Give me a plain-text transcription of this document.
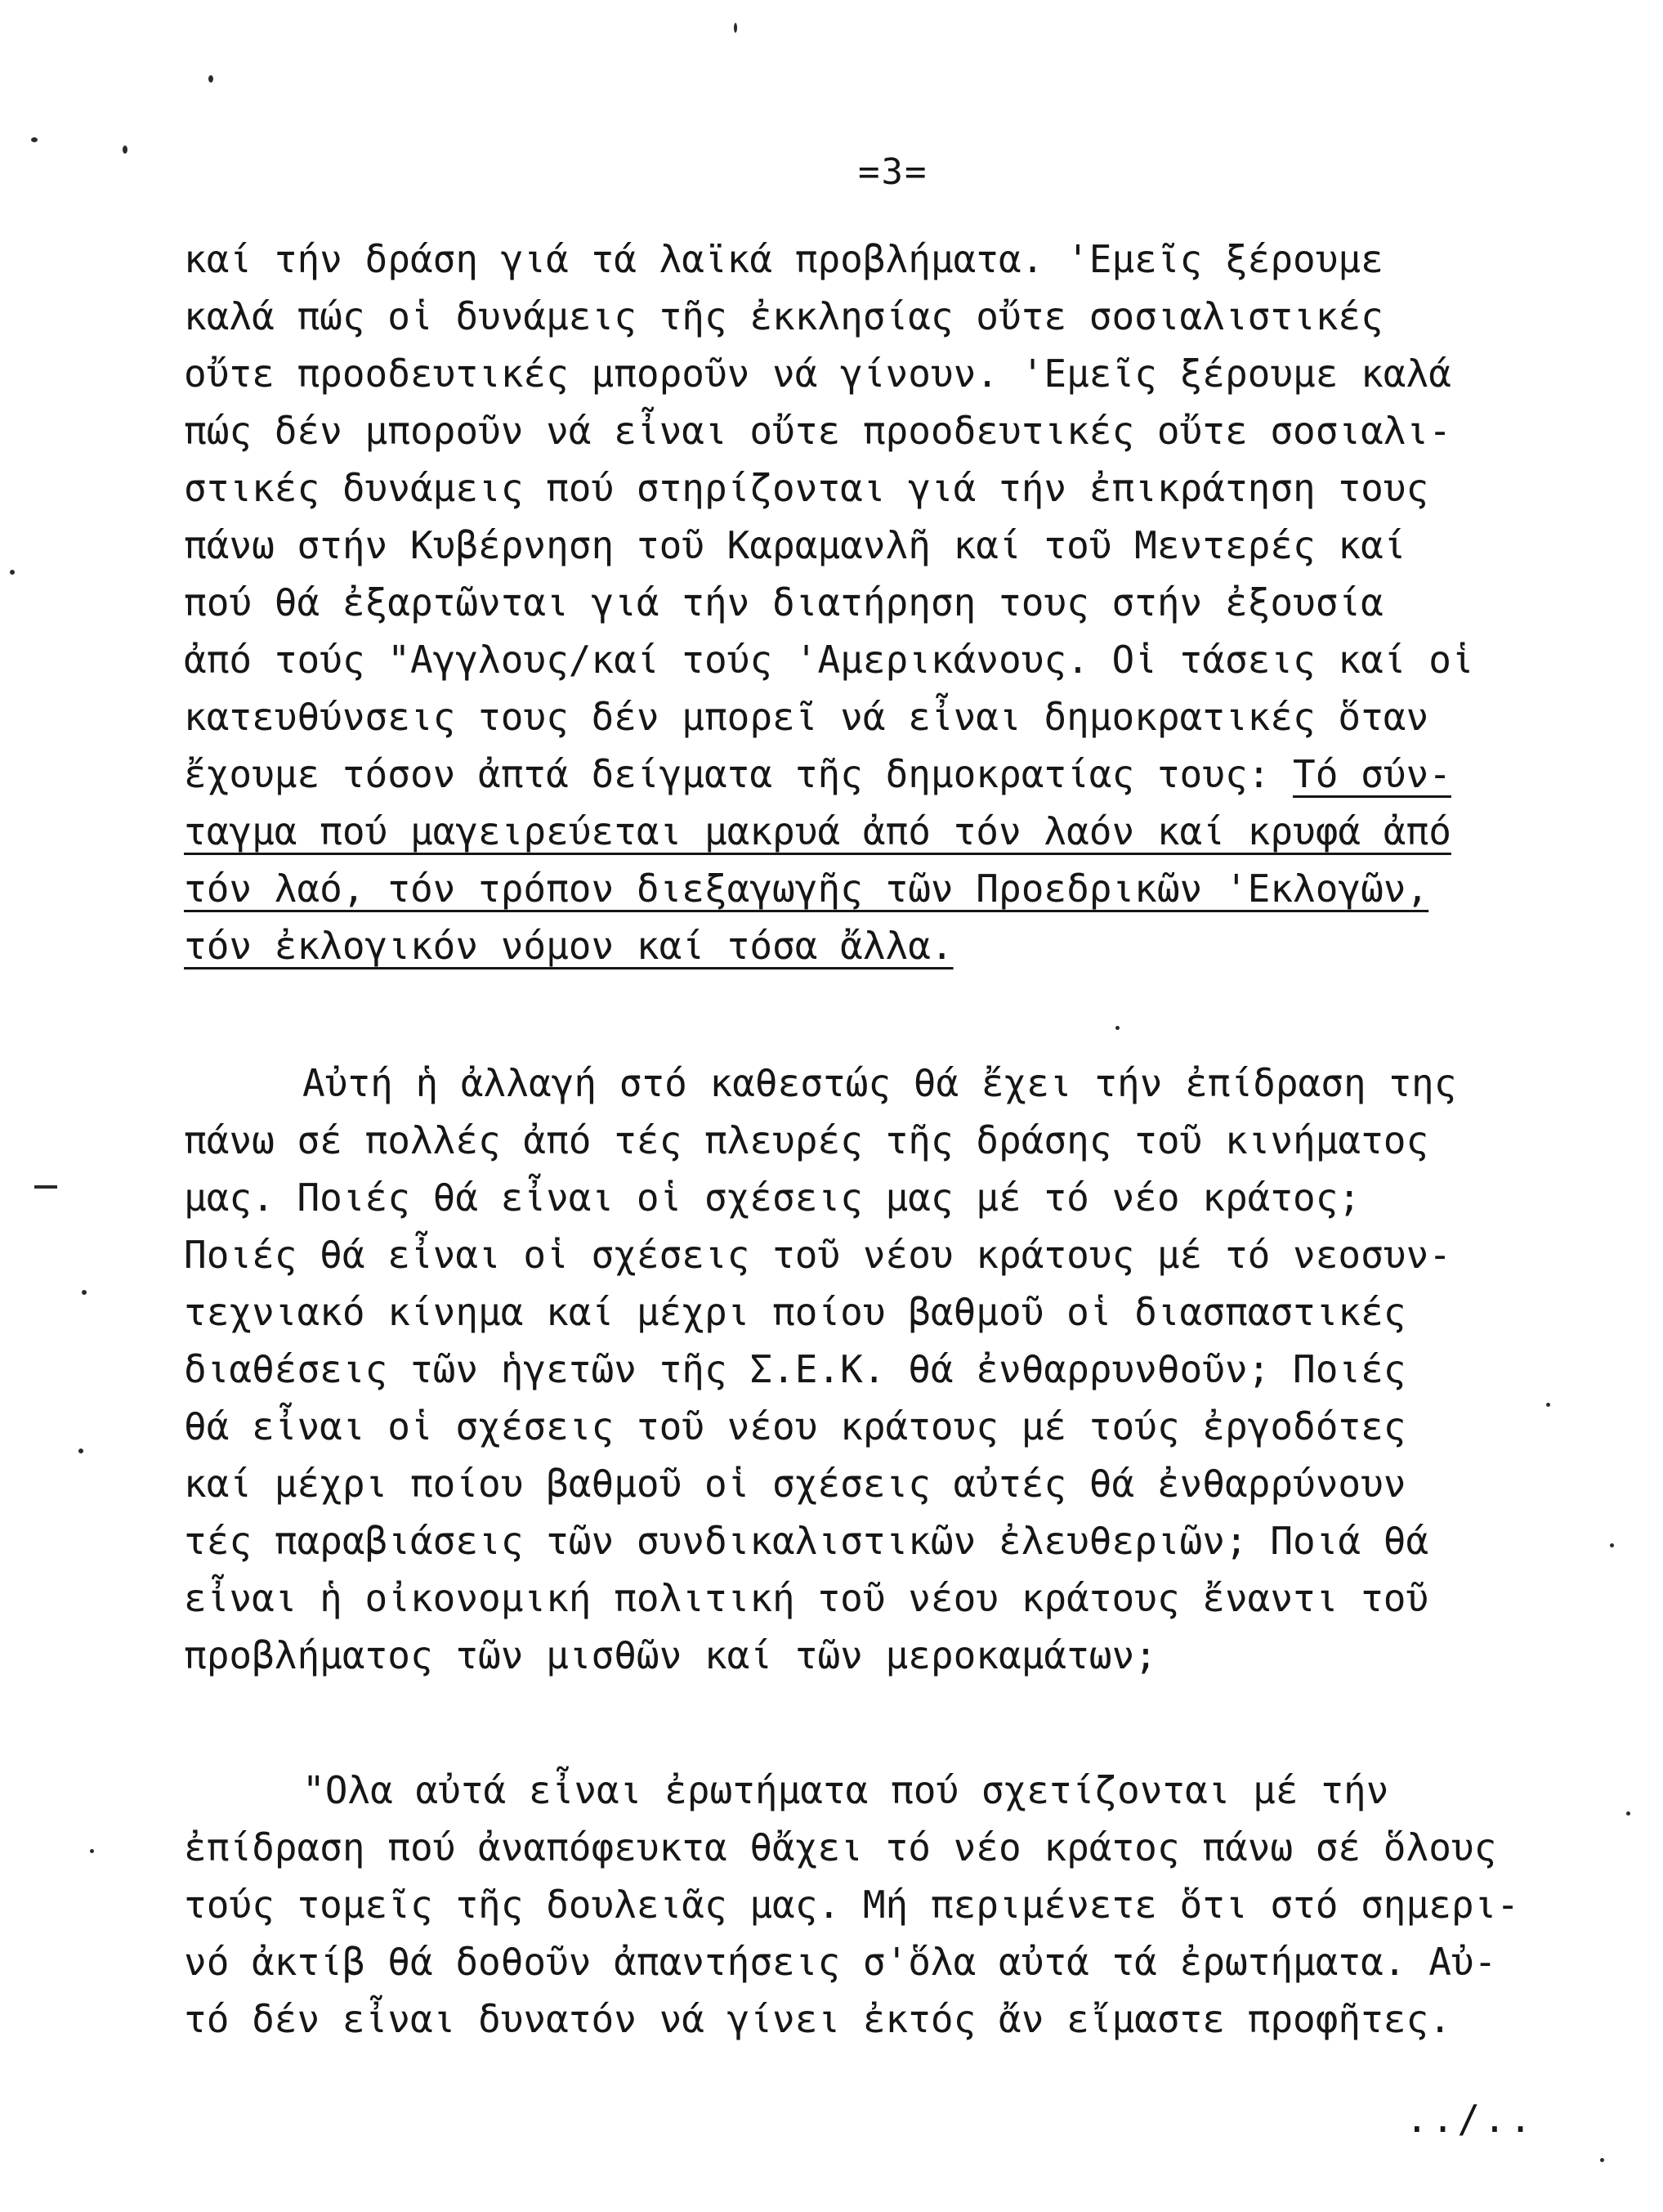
=3=
καί τήν δράση γιά τά λαϊκά προβλήματα. 'Εμεῖς ξέρουμε
καλά πώς οἱ δυνάμεις τῆς ἐκκλησίας οὔτε σοσιαλιστικές
οὔτε προοδευτικές μποροῦν νά γίνουν. 'Εμεῖς ξέρουμε καλά
πώς δέν μποροῦν νά εἶναι οὔτε προοδευτικές οὔτε σοσιαλι-
στικές δυνάμεις πού στηρίζονται γιά τήν ἐπικράτηση τους
πάνω στήν Κυβέρνηση τοῦ Καραμανλῆ καί τοῦ Μεντερές καί
πού θά ἐξαρτῶνται γιά τήν διατήρηση τους στήν ἐξουσία
ἀπό τούς "Αγγλους/καί τούς 'Αμερικάνους. Οἱ τάσεις καί οἱ
κατευθύνσεις τους δέν μπορεῖ νά εἶναι δημοκρατικές ὅταν
ἔχουμε τόσον ἀπτά δείγματα τῆς δημοκρατίας τους: Τό σύν-
ταγμα πού μαγειρεύεται μακρυά ἀπό τόν λαόν καί κρυφά ἀπό
τόν λαό, τόν τρόπον διεξαγωγῆς τῶν Προεδρικῶν 'Εκλογῶν,
τόν ἐκλογικόν νόμον καί τόσα ἄλλα.
Αὐτή ἡ ἀλλαγή στό καθεστώς θά ἔχει τήν ἐπίδραση της
πάνω σέ πολλές ἀπό τές πλευρές τῆς δράσης τοῦ κινήματος
μας. Ποιές θά εἶναι οἱ σχέσεις μας μέ τό νέο κράτος;
Ποιές θά εἶναι οἱ σχέσεις τοῦ νέου κράτους μέ τό νεοσυν-
τεχνιακό κίνημα καί μέχρι ποίου βαθμοῦ οἱ διασπαστικές
διαθέσεις τῶν ἡγετῶν τῆς Σ.Ε.Κ. θά ἐνθαρρυνθοῦν; Ποιές
θά εἶναι οἱ σχέσεις τοῦ νέου κράτους μέ τούς ἐργοδότες
καί μέχρι ποίου βαθμοῦ οἱ σχέσεις αὐτές θά ἐνθαρρύνουν
τές παραβιάσεις τῶν συνδικαλιστικῶν ἐλευθεριῶν; Ποιά θά
εἶναι ἡ οἰκονομική πολιτική τοῦ νέου κράτους ἔναντι τοῦ
προβλήματος τῶν μισθῶν καί τῶν μεροκαμάτων;
"Ολα αὐτά εἶναι ἐρωτήματα πού σχετίζονται μέ τήν
ἐπίδραση πού ἀναπόφευκτα θἄχει τό νέο κράτος πάνω σέ ὅλους
τούς τομεῖς τῆς δουλειᾶς μας. Μή περιμένετε ὅτι στό σημερι-
νό ἀκτίβ θά δοθοῦν ἀπαντήσεις σ'ὅλα αὐτά τά ἐρωτήματα. Αὐ-
τό δέν εἶναι δυνατόν νά γίνει ἐκτός ἄν εἴμαστε προφῆτες.
../..
